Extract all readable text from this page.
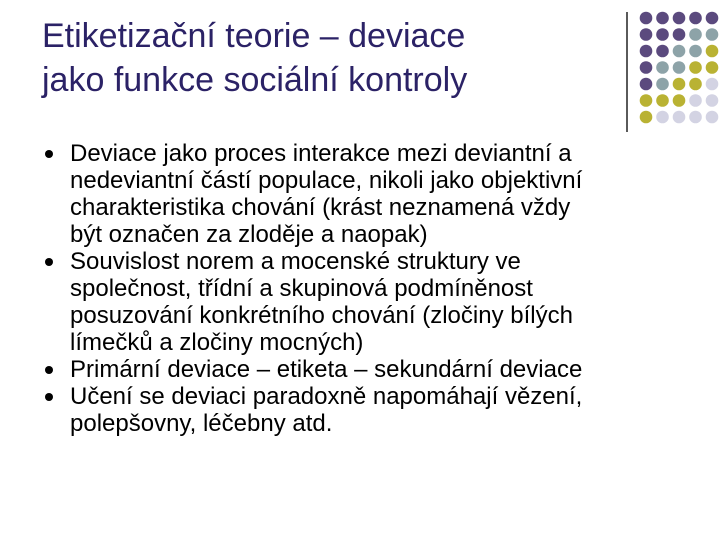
Etiketizační teorie – deviace
jako funkce sociální kontroly
Deviace jako proces interakce mezi deviantní a
nedeviantní částí populace, nikoli jako objektivní
charakteristika chování (krást neznamená vždy
být označen za zloděje a naopak)
Souvislost norem a mocenské struktury ve
společnost, třídní a skupinová podmíněnost
posuzování konkrétního chování (zločiny bílých
límečků a zločiny mocných)
Primární deviace – etiketa – sekundární deviace
Učení se deviaci paradoxně napomáhají vězení,
polepšovny, léčebny atd.
